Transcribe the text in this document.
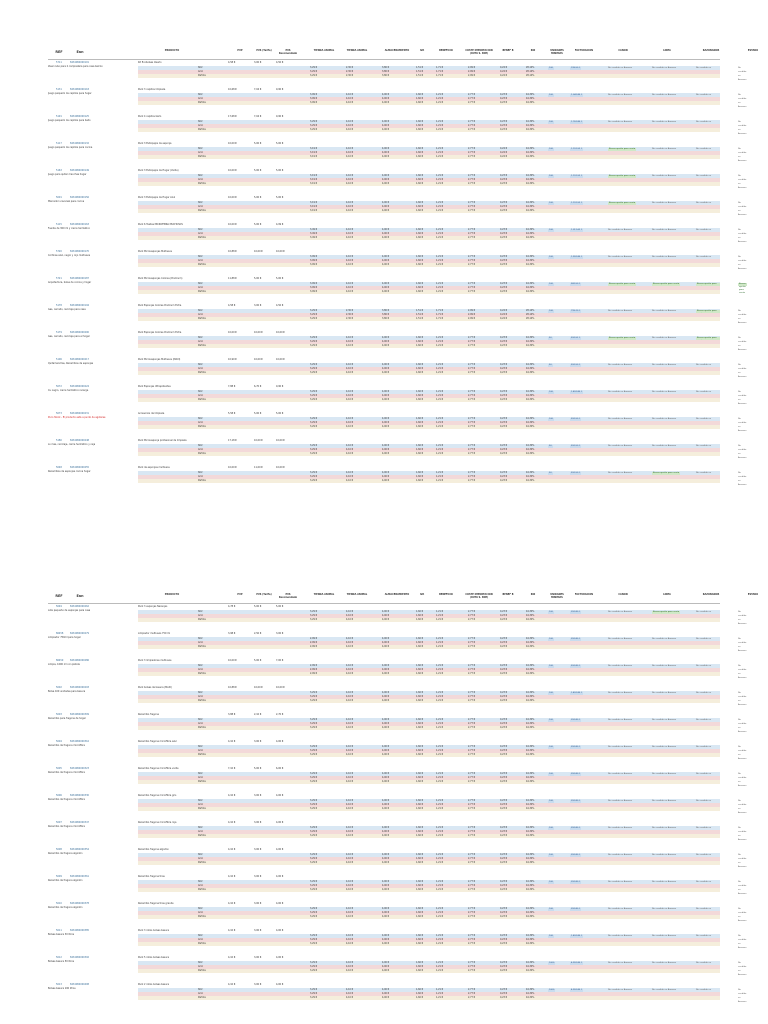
REF	Ean	PRODUCTO	PVP	PVS (Tarifa)	PVS Recomendado
TIENDA ANIMAL	TIENDA ANIMAL	ALMACENAMIENTO	IVA	BENEFICIO	COSTE IMPORTACION (RUTA S. BIM)
BENEF B	ROI	UNIDADES MINIMAS
FACTURACION	CANON	LINEA	RAZONADOR	ESTADO
5711	8434084000101	Kit Ecobolsas diseño	4,58 €	3,00 €	4,50 €
Ideal cubo para 2 compostera para casa balcón	SKU	3,29 €	2,30 €	3,80 €	1,51 €	1,71 €	2,99 €	0,24 €	28,10%	100	199,50 €	No vendido en Amazon	No vendido en Amazon	No vendido en	No vendido en Amazon
Amz	3,29 €	2,30 €	3,80 €	1,51 €	1,71 €	2,99 €	0,24 €	28,10%
Partida	3,29 €	2,30 €	3,80 €	1,51 €	1,71 €	2,99 €	0,24 €	28,10%
5131	8434084000118	Pack 3 cepillos limpieza	10,68 €	7,04 €	9,90 €
Juego pequeño de cepillos para hogar	SKU	3,99 €	4,10 €	4,00 €	1,60 €	1,21 €	2,77 €	0,23 €	44,30%	100	1.042,80 €	No vendido en Amazon	No vendido en Amazon	No vendido en	No vendido en Amazon
Amz	3,99 €	4,10 €	4,00 €	1,60 €	1,21 €	2,77 €	0,23 €	44,30%
Partida	3,99 €	4,10 €	4,00 €	1,60 €	1,21 €	2,77 €	0,23 €	44,30%
5191	8434084000125	Pack 4 cepillos baño	17,68 €	7,04 €	9,90 €
Juego pequeño de cepillos para baño	SKU	3,29 €	4,10 €	4,00 €	1,60 €	1,21 €	2,77 €	0,23 €	44,30%	100	1.762,80 €	No vendido en Amazon	No vendido en Amazon	No vendido en	No vendido en Amazon
Amz	3,29 €	4,10 €	4,00 €	1,60 €	1,21 €	2,77 €	0,23 €	44,30%
Partida	3,29 €	4,10 €	4,00 €	1,60 €	1,21 €	2,77 €	0,23 €	44,30%
5117	8434084000132	Pack 3 Estropajos de esponja	10,00 €	5,00 €	5,00 €
Juego pequeño de cepillos para cocina	SKU	3,19 €	4,10 €	4,00 €	1,60 €	1,21 €	2,77 €	0,24 €	44,30%	100	1.191,52 €	Buena opción para venta	No vendido en Amazon	No vendido en	No vendido en Amazon
Amz	3,19 €	4,10 €	4,00 €	1,60 €	1,21 €	2,77 €	0,24 €	44,30%
Partida	3,19 €	4,10 €	4,00 €	1,60 €	1,21 €	2,77 €	0,24 €	44,30%
5163	8434084000149	Pack 3 Estropajos de Hogar (Verde)	10,00 €	5,00 €	5,00 €
Juego para quitar manchas hogar	SKU	3,19 €	4,10 €	4,00 €	1,60 €	1,21 €	2,77 €	0,23 €	44,30%	100	1.191,52 €	Buena opción para venta	No vendido en Amazon	No vendido en	No vendido en Amazon
Amz	3,19 €	4,10 €	4,00 €	1,60 €	1,21 €	2,77 €	0,23 €	44,30%
Partida	3,19 €	4,10 €	4,00 €	1,60 €	1,21 €	2,77 €	0,23 €	44,30%
5001	8434084000156	Pack 3 Estropajos de Hogar Azul	10,00 €	5,00 €	5,00 €
Marcador universal para cocina	SKU	3,19 €	4,10 €	4,00 €	1,60 €	1,21 €	2,77 €	0,23 €	44,30%	100	1.191,52 €	Buena opción para venta	No vendido en Amazon	No vendido en	No vendido en Amazon
Amz	3,19 €	4,10 €	4,00 €	1,60 €	1,21 €	2,77 €	0,23 €	44,30%
Partida	3,19 €	4,10 €	4,00 €	1,60 €	1,21 €	2,77 €	0,23 €	44,30%
5115	8434084000163	Pack 6 Toallas MICROFIBRA MULTIUSOS	10,00 €	5,00 €	4,99 €
Fuente de 300 ml y cierre hermético	SKU	3,49 €	4,10 €	4,00 €	1,60 €	1,21 €	2,77 €	0,23 €	44,30%	100	1.011,62 €	No vendido en Amazon	No vendido en Amazon	No vendido en	No vendido en Amazon
Amz	3,49 €	4,10 €	4,00 €	1,60 €	1,21 €	2,77 €	0,23 €	44,30%
Partida	3,49 €	4,10 €	4,00 €	1,60 €	1,21 €	2,77 €	0,23 €	44,30%
5720	8434084000170	Pack Microesponjas Multiusos	10,88 €	10,00 €	10,00 €
Cortinas azul, negro y rojo multiusos	SKU	3,99 €	4,10 €	4,00 €	1,60 €	1,21 €	2,77 €	0,23 €	44,30%	100	1.992,80 €	No vendido en Amazon	No vendido en Amazon	No vendido en	No vendido en Amazon
Amz	3,99 €	4,10 €	4,00 €	1,60 €	1,21 €	2,77 €	0,23 €	44,30%
Partida	3,99 €	4,10 €	4,00 €	1,60 €	1,21 €	2,77 €	0,23 €	44,30%
5721	8434084000187	Pack Microesponjas Colores (Premium)	11,88 €	5,00 €	5,00 €
Arquitectura, bolsa de cocina y hogar	SKU	3,99 €	4,10 €	4,00 €	1,60 €	1,21 €	2,77 €	0,23 €	44,30%	100	582,50 €	Buena opción para venta	Buena opción para venta	Buena opción para	Buena opción para venta
Amz	3,99 €	4,10 €	4,00 €	1,60 €	1,21 €	2,77 €	0,23 €	44,30%
Partida	3,99 €	4,10 €	4,00 €	1,60 €	1,21 €	2,77 €	0,23 €	44,30%
5178	8434084000194	Pack Esponjas Colores Premium Extra	4,58 €	3,00 €	4,50 €
Gas, cerrado, reciclaje para casa	SKU	3,29 €	2,30 €	3,80 €	1,51 €	1,71 €	2,99 €	0,24 €	28,10%	100	799,20 €	No vendido en Amazon	No vendido en Amazon	Buena opción para	No vendido en Amazon
Amz	3,29 €	2,30 €	3,80 €	1,51 €	1,71 €	2,99 €	0,24 €	28,10%
Partida	3,29 €	2,30 €	3,80 €	1,51 €	1,71 €	2,99 €	0,24 €	28,10%
5179	8434084000200	Pack Esponjas Colores Premium Extra	10,00 €	10,00 €	10,00 €
Gas, cerrado, reciclaje para el hogar	SKU	3,29 €	4,10 €	4,00 €	1,60 €	1,21 €	2,77 €	0,23 €	44,30%	50	592,52 €	Buena opción para venta	No vendido en Amazon	Buena opción para	No vendido en Amazon
Amz	3,29 €	4,10 €	4,00 €	1,60 €	1,21 €	2,77 €	0,23 €	44,30%
Partida	3,29 €	4,10 €	4,00 €	1,60 €	1,21 €	2,77 €	0,23 €	44,30%
5106	8434084000217	Pack Microesponjas Multiusos (MAXI)	10,90 €	10,00 €	10,00 €
Quitamanchas, Recambios de esponjas	SKU	3,29 €	4,10 €	4,00 €	1,60 €	1,21 €	2,77 €	0,23 €	44,30%	50	592,50 €	No vendido en Amazon	No vendido en Amazon	No vendido en	No vendido en Amazon
Amz	3,29 €	4,10 €	4,00 €	1,60 €	1,21 €	2,77 €	0,23 €	44,30%
Partida	3,29 €	4,10 €	4,00 €	1,60 €	1,21 €	2,77 €	0,23 €	44,30%
5072	8434084000224	Pack Esponjas Ultrapotentes	7,88 €	6,70 €	9,90 €
Cu negro, cierre hermético recarga	SKU	3,29 €	4,10 €	4,00 €	1,60 €	1,21 €	2,77 €	0,23 €	44,30%	100	1.492,80 €	No vendido en Amazon	No vendido en Amazon	No vendido en	No vendido en Amazon
Amz	3,29 €	4,10 €	4,00 €	1,60 €	1,21 €	2,77 €	0,23 €	44,30%
Partida	3,29 €	4,10 €	4,00 €	1,60 €	1,21 €	2,77 €	0,23 €	44,30%
5073	8434084000231	Accesorios de limpieza	5,58 €	5,00 €	5,00 €
Poco Stock - El producto está a punto de agotarse	SKU	3,29 €	4,10 €	4,00 €	1,60 €	1,21 €	2,77 €	0,23 €	44,30%	100	592,50 €	No vendido en Amazon	No vendido en Amazon	No vendido en	No vendido en Amazon
Amz	3,29 €	4,10 €	4,00 €	1,60 €	1,21 €	2,77 €	0,23 €	44,30%
Partida	3,29 €	4,10 €	4,00 €	1,60 €	1,21 €	2,77 €	0,23 €	44,30%
5180	8434084000248	Pack Microesponja profesional de limpieza	17,18 €	10,00 €	10,00 €
Lo mas, reciclaje, cierre hermético y caja	SKU	3,29 €	4,10 €	4,00 €	1,60 €	1,21 €	2,77 €	0,23 €	44,30%	50	592,50 €	No vendido en Amazon	No vendido en Amazon	No vendido en	No vendido en Amazon
Amz	3,29 €	4,10 €	4,00 €	1,60 €	1,21 €	2,77 €	0,23 €	44,30%
Partida	3,29 €	4,10 €	4,00 €	1,60 €	1,21 €	2,77 €	0,23 €	44,30%
5048	8434084000255	Pack de esponjas multiusos	10,00 €	11,00 €	10,00 €
Recambios de esponjas cocina hogar	SKU	3,29 €	4,10 €	4,00 €	1,60 €	1,21 €	2,77 €	0,23 €	44,30%	50	592,50 €	No vendido en Amazon	Buena opción para venta	No vendido en	No vendido en Amazon
Amz	3,29 €	4,10 €	4,00 €	1,60 €	1,21 €	2,77 €	0,23 €	44,30%
Partida	3,29 €	4,10 €	4,00 €	1,60 €	1,21 €	2,77 €	0,23 €	44,30%
REF	Ean	PRODUCTO	PVP	PVS (Tarifa)	PVS Recomendado
TIENDA ANIMAL	TIENDA ANIMAL	ALMACENAMIENTO	IVA	BENEFICIO	COSTE IMPORTACION (RUTA S. BIM)
BENEF B	ROI	UNIDADES MINIMAS
FACTURACION	CANON	LINEA	RAZONADOR	ESTADO
5049	8434084000262	Pack 3 esponjas Naranjas	4,78 €	5,00 €	5,00 €
Lote pequeño de esponjas para casa	SKU	3,29 €	4,10 €	4,00 €	1,60 €	1,21 €	2,77 €	0,23 €	44,30%	100	392,80 €	No vendido en Amazon	Buena opción para venta	No vendido en	No vendido en Amazon
Amz	3,29 €	4,10 €	4,00 €	1,60 €	1,21 €	2,77 €	0,23 €	44,30%
Partida	3,29 €	4,10 €	4,00 €	1,60 €	1,21 €	2,77 €	0,23 €	44,30%
86458	8434084000279	Limpiador multiusos 750 ml	3,98 €	2,50 €	3,00 €
Limpiador 750ml para hogar	SKU	2,99 €	4,10 €	4,00 €	1,60 €	1,21 €	2,77 €	0,23 €	44,30%	100	392,80 €	No vendido en Amazon	No vendido en Amazon	No vendido en	No vendido en Amazon
Amz	2,99 €	4,10 €	4,00 €	1,60 €	1,21 €	2,77 €	0,23 €	44,30%
Partida	2,99 €	4,10 €	4,00 €	1,60 €	1,21 €	2,77 €	0,23 €	44,30%
86459	8434084000286	Pack 3 limpiadores multiusos	10,00 €	5,00 €	7,00 €
Limpia, 1000 ml con pistola	SKU	2,99 €	4,10 €	4,00 €	1,60 €	1,21 €	2,77 €	0,23 €	44,30%	100	592,80 €	No vendido en Amazon	No vendido en Amazon	No vendido en	No vendido en Amazon
Amz	2,99 €	4,10 €	4,00 €	1,60 €	1,21 €	2,77 €	0,23 €	44,30%
Partida	2,99 €	4,10 €	4,00 €	1,60 €	1,21 €	2,77 €	0,23 €	44,30%
5002	8434084000293	Pack bolsas de basura (MAXI)	10,88 €	10,00 €	10,00 €
Bolsa 100 unidades para basura	SKU	3,29 €	4,10 €	4,00 €	1,60 €	1,21 €	2,77 €	0,23 €	44,30%	100	1.492,80 €	No vendido en Amazon	No vendido en Amazon	No vendido en	No vendido en Amazon
Amz	3,29 €	4,10 €	4,00 €	1,60 €	1,21 €	2,77 €	0,23 €	44,30%
Partida	3,29 €	4,10 €	4,00 €	1,60 €	1,21 €	2,77 €	0,23 €	44,30%
5003	8434084000309	Recambio fregona	3,88 €	2,10 €	2,70 €
Recambio para fregona de hogar	SKU	3,29 €	4,10 €	4,00 €	1,60 €	1,21 €	2,77 €	0,23 €	44,30%	100	392,80 €	No vendido en Amazon	No vendido en Amazon	No vendido en	No vendido en Amazon
Amz	3,29 €	4,10 €	4,00 €	1,60 €	1,21 €	2,77 €	0,23 €	44,30%
Partida	3,29 €	4,10 €	4,00 €	1,60 €	1,21 €	2,77 €	0,23 €	44,30%
5004	8434084000316	Recambio fregona microfibra azul	4,10 €	3,00 €	4,00 €
Recambio de fregona microfibra	SKU	3,29 €	4,10 €	4,00 €	1,60 €	1,21 €	2,77 €	0,23 €	44,30%	100	392,80 €	No vendido en Amazon	No vendido en Amazon	No vendido en	No vendido en Amazon
Amz	3,29 €	4,10 €	4,00 €	1,60 €	1,21 €	2,77 €	0,23 €	44,30%
Partida	3,29 €	4,10 €	4,00 €	1,60 €	1,21 €	2,77 €	0,23 €	44,30%
5005	8434084000323	Recambio fregona microfibra verde	7,10 €	5,00 €	6,00 €
Recambio de fregona microfibra	SKU	3,29 €	4,10 €	4,00 €	1,60 €	1,21 €	2,77 €	0,23 €	44,30%	100	392,80 €	No vendido en Amazon	No vendido en Amazon	No vendido en	No vendido en Amazon
Amz	3,29 €	4,10 €	4,00 €	1,60 €	1,21 €	2,77 €	0,23 €	44,30%
Partida	3,29 €	4,10 €	4,00 €	1,60 €	1,21 €	2,77 €	0,23 €	44,30%
5006	8434084000330	Recambio fregona microfibra gris	4,10 €	3,00 €	4,00 €
Recambio de fregona microfibra	SKU	3,29 €	4,10 €	4,00 €	1,60 €	1,21 €	2,77 €	0,23 €	44,30%	100	392,80 €	No vendido en Amazon	No vendido en Amazon	No vendido en	No vendido en Amazon
Amz	3,29 €	4,10 €	4,00 €	1,60 €	1,21 €	2,77 €	0,23 €	44,30%
Partida	3,29 €	4,10 €	4,00 €	1,60 €	1,21 €	2,77 €	0,23 €	44,30%
5007	8434084000347	Recambio fregona microfibra roja	4,10 €	3,00 €	4,00 €
Recambio de fregona microfibra	SKU	3,29 €	4,10 €	4,00 €	1,60 €	1,21 €	2,77 €	0,23 €	44,30%	100	392,80 €	No vendido en Amazon	No vendido en Amazon	No vendido en	No vendido en Amazon
Amz	3,29 €	4,10 €	4,00 €	1,60 €	1,21 €	2,77 €	0,23 €	44,30%
Partida	3,29 €	4,10 €	4,00 €	1,60 €	1,21 €	2,77 €	0,23 €	44,30%
5008	8434084000354	Recambio fregona algodón	4,10 €	3,00 €	4,00 €
Recambio de fregona algodón	SKU	3,29 €	4,10 €	4,00 €	1,60 €	1,21 €	2,77 €	0,23 €	44,30%	100	392,80 €	No vendido en Amazon	No vendido en Amazon	No vendido en	No vendido en Amazon
Amz	3,29 €	4,10 €	4,00 €	1,60 €	1,21 €	2,77 €	0,23 €	44,30%
Partida	3,29 €	4,10 €	4,00 €	1,60 €	1,21 €	2,77 €	0,23 €	44,30%
5009	8434084000361	Recambio fregona tiras	4,10 €	3,00 €	4,00 €
Recambio de fregona algodón	SKU	3,29 €	4,10 €	4,00 €	1,60 €	1,21 €	2,77 €	0,23 €	44,30%	100	392,80 €	No vendido en Amazon	No vendido en Amazon	No vendido en	No vendido en Amazon
Amz	3,29 €	4,10 €	4,00 €	1,60 €	1,21 €	2,77 €	0,23 €	44,30%
Partida	3,29 €	4,10 €	4,00 €	1,60 €	1,21 €	2,77 €	0,23 €	44,30%
5010	8434084000378	Recambio fregona tiras grande	4,10 €	3,00 €	4,00 €
Recambio de fregona algodón	SKU	3,29 €	4,10 €	4,00 €	1,60 €	1,21 €	2,77 €	0,23 €	44,30%	100	392,80 €	No vendido en Amazon	No vendido en Amazon	No vendido en	No vendido en Amazon
Amz	3,29 €	4,10 €	4,00 €	1,60 €	1,21 €	2,77 €	0,23 €	44,30%
Partida	3,29 €	4,10 €	4,00 €	1,60 €	1,21 €	2,77 €	0,23 €	44,30%
5011	8434084000385	Pack 3 rollos bolsas basura	4,10 €	3,00 €	4,00 €
Bolsas basura 30 litros	SKU	3,29 €	4,10 €	4,00 €	1,60 €	1,21 €	2,77 €	0,23 €	44,30%	100	1.492,80 €	No vendido en Amazon	No vendido en Amazon	No vendido en	No vendido en Amazon
Amz	3,29 €	4,10 €	4,00 €	1,60 €	1,21 €	2,77 €	0,23 €	44,30%
Partida	3,29 €	4,10 €	4,00 €	1,60 €	1,21 €	2,77 €	0,23 €	44,30%
5012	8434084000392	Pack 5 rollos bolsas basura	4,10 €	3,00 €	4,00 €
Bolsas basura 50 litros	SKU	3,29 €	4,10 €	4,00 €	1,60 €	1,21 €	2,77 €	0,23 €	44,30%	1000	4.992,80 €	No vendido en Amazon	No vendido en Amazon	No vendido en	No vendido en Amazon
Amz	3,29 €	4,10 €	4,00 €	1,60 €	1,21 €	2,77 €	0,23 €	44,30%
Partida	3,29 €	4,10 €	4,00 €	1,60 €	1,21 €	2,77 €	0,23 €	44,30%
5013	8434084000408	Pack 2 rollos bolsas basura	4,10 €	3,00 €	4,00 €
Bolsas basura 100 litros	SKU	3,29 €	4,10 €	4,00 €	1,60 €	1,21 €	2,77 €	0,23 €	44,30%	1000	4.992,80 €	No vendido en Amazon	No vendido en Amazon	No vendido en	No vendido en Amazon
Amz	3,29 €	4,10 €	4,00 €	1,60 €	1,21 €	2,77 €	0,23 €	44,30%
Partida	3,29 €	4,10 €	4,00 €	1,60 €	1,21 €	2,77 €	0,23 €	44,30%
